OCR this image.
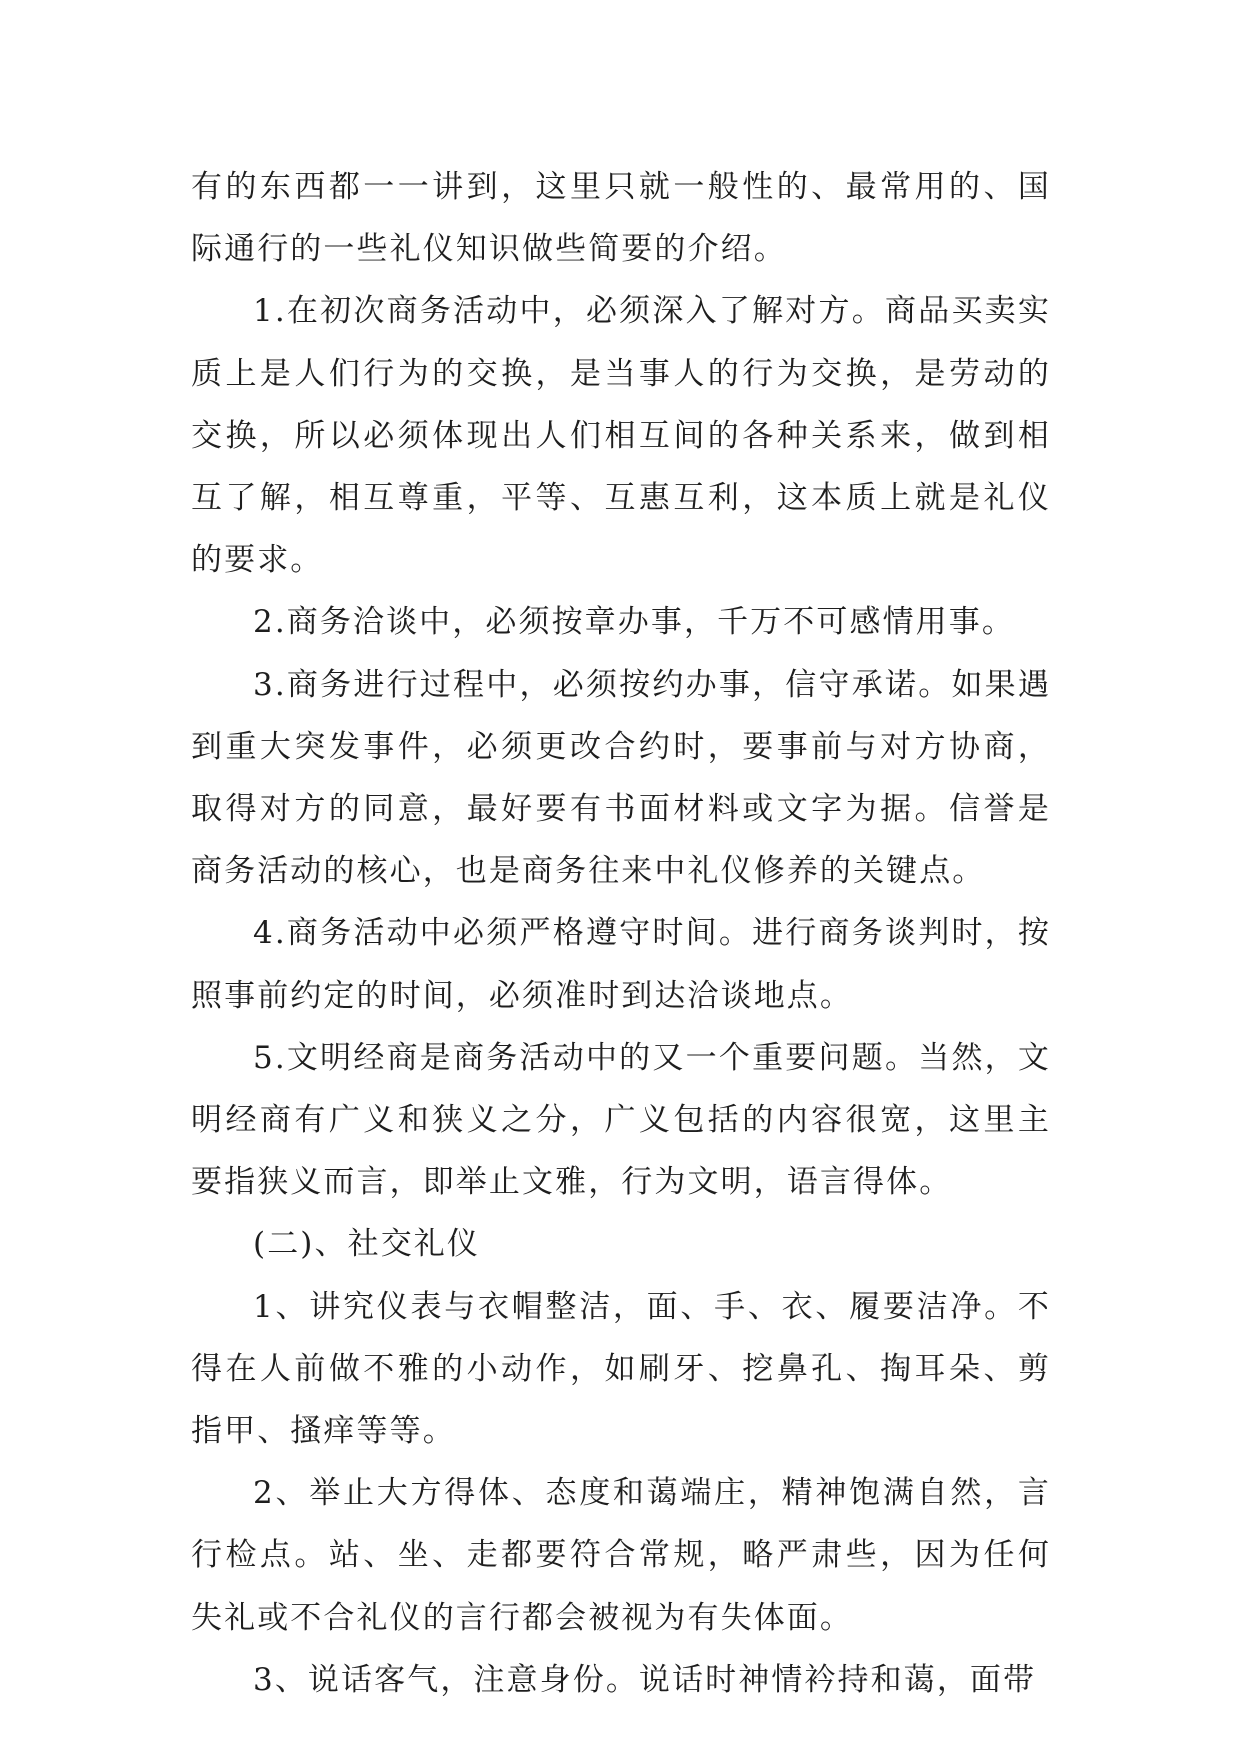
有的东西都一一讲到，这里只就一般性的、最常用的、国际通行的一些礼仪知识做些简要的介绍。

1.在初次商务活动中，必须深入了解对方。商品买卖实质上是人们行为的交换，是当事人的行为交换，是劳动的交换，所以必须体现出人们相互间的各种关系来，做到相互了解，相互尊重，平等、互惠互利，这本质上就是礼仪的要求。

2.商务洽谈中，必须按章办事，千万不可感情用事。

3.商务进行过程中，必须按约办事，信守承诺。如果遇到重大突发事件，必须更改合约时，要事前与对方协商，取得对方的同意，最好要有书面材料或文字为据。信誉是商务活动的核心，也是商务往来中礼仪修养的关键点。

4.商务活动中必须严格遵守时间。进行商务谈判时，按照事前约定的时间，必须准时到达洽谈地点。

5.文明经商是商务活动中的又一个重要问题。当然，文明经商有广义和狭义之分，广义包括的内容很宽，这里主要指狭义而言，即举止文雅，行为文明，语言得体。

(二)、社交礼仪

1、讲究仪表与衣帽整洁，面、手、衣、履要洁净。不得在人前做不雅的小动作，如刷牙、挖鼻孔、掏耳朵、剪指甲、搔痒等等。

2、举止大方得体、态度和蔼端庄，精神饱满自然，言行检点。站、坐、走都要符合常规，略严肃些，因为任何失礼或不合礼仪的言行都会被视为有失体面。

3、说话客气，注意身份。说话时神情衿持和蔼，面带
